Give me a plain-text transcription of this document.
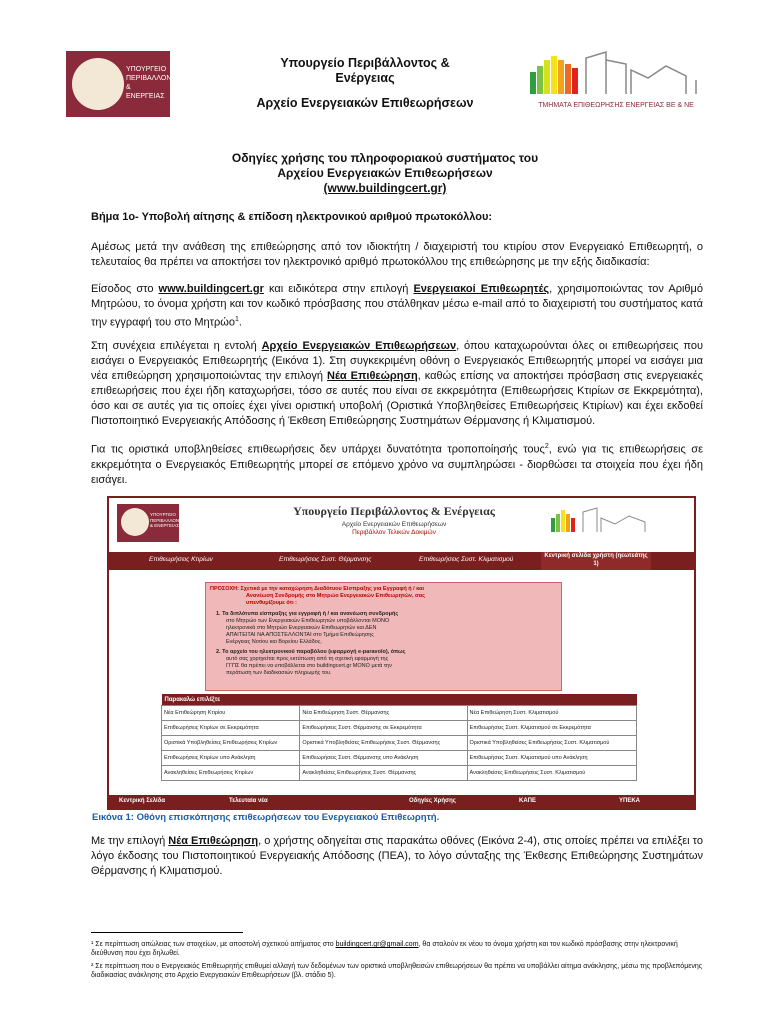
ΥΠΟΥΡΓΕΙΟ ΠΕΡΙΒΑΛΛΟΝΤΟΣ & ΕΝΕΡΓΕΙΑΣ
Υπουργείο Περιβάλλοντος &
Ενέργειας
Αρχείο Ενεργειακών Επιθεωρήσεων	ΤΜΗΜΑΤΑ ΕΠΙΘΕΩΡΗΣΗΣ ΕΝΕΡΓΕΙΑΣ ΒΕ & ΝΕ
Οδηγίες χρήσης του πληροφοριακού συστήματος του
Αρχείου Ενεργειακών Επιθεωρήσεων
(www.buildingcert.gr)
Βήμα 1ο- Υποβολή αίτησης & επίδοση ηλεκτρονικού αριθμού πρωτοκόλλου:
Αμέσως μετά την ανάθεση της επιθεώρησης από τον ιδιοκτήτη / διαχειριστή του κτιρίου στον Ενεργειακό Επιθεωρητή, ο τελευταίος θα πρέπει να αποκτήσει τον ηλεκτρονικό αριθμό πρωτοκόλλου της επιθεώρησης με την εξής διαδικασία:
Είσοδος στο www.buildingcert.gr και ειδικότερα στην επιλογή Ενεργειακοί Επιθεωρητές, χρησιμοποιώντας τον Αριθμό Μητρώου, το όνομα χρήστη και τον κωδικό πρόσβασης που στάλθηκαν μέσω e-mail από το διαχειριστή του συστήματος κατά την εγγραφή του στο Μητρώο$^1$.
Στη συνέχεια επιλέγεται η εντολή Αρχείο Ενεργειακών Επιθεωρήσεων, όπου καταχωρούνται όλες οι επιθεωρήσεις που εισάγει ο Ενεργειακός Επιθεωρητής (Εικόνα 1). Στη συγκεκριμένη οθόνη ο Ενεργειακός Επιθεωρητής μπορεί να εισάγει μια νέα επιθεώρηση χρησιμοποιώντας την επιλογή Νέα Επιθεώρηση, καθώς επίσης να αποκτήσει πρόσβαση στις ενεργειακές επιθεωρήσεις που έχει ήδη καταχωρήσει, τόσο σε αυτές που είναι σε εκκρεμότητα (Επιθεωρήσεις Κτιρίων σε Εκκρεμότητα), όσο και σε αυτές για τις οποίες έχει γίνει οριστική υποβολή (Οριστικά Υποβληθείσες Επιθεωρήσεις Κτιρίων) και έχει εκδοθεί Πιστοποιητικό Ενεργειακής Απόδοσης ή Έκθεση Επιθεώρησης Συστημάτων Θέρμανσης ή Κλιματισμού.
Για τις οριστικά υποβληθείσες επιθεωρήσεις δεν υπάρχει δυνατότητα τροποποίησής τους$^2$, ενώ για τις επιθεωρήσεις σε εκκρεμότητα ο Ενεργειακός Επιθεωρητής μπορεί σε επόμενο χρόνο να συμπληρώσει - διορθώσει τα στοιχεία που έχει ήδη εισάγει.
ΥΠΟΥΡΓΕΙΟ ΠΕΡΙΒΑΛΛΟΝΤΟΣ & ΕΝΕΡΓΕΙΑΣ
Υπουργείο Περιβάλλοντος & Ενέργειας
Αρχείο Ενεργειακών Επιθεωρήσεων
Περιβάλλον Τελικών Δοκιμών
Επιθεωρήσεις Κτιρίων	Επιθεωρήσεις Συστ. Θέρμανσης	Επιθεωρήσεις Συστ. Κλιματισμού	Κεντρική σελίδα χρήστη (ηεωτεάτης 1)
ΠΡΟΣΟΧΗ: Σχετικά με την καταχώρηση Διαδότυου Είσπραξης για Εγγραφή ή / και
Ανανέωση Συνδρομής στο Μητρώο Ενεργειακών Επιθεωρητών, σας
υπενθυμίζουμε ότι :
1. Τα διπλότυπα είσπραξης για εγγραφή ή / και ανανέωση συνδρομής
στο Μητρώο των Ενεργειακών Επιθεωρητών υποβάλλονται ΜΟΝΟ
ηλεκτρονικά στο Μητρώο Ενεργειακών Επιθεωρητών και ΔΕΝ
ΑΠΑΙΤΕΙΤΑΙ ΝΑ ΑΠΟΣΤΕΛΛΟΝΤΑΙ στο Τμήμα Επιθεώρησης
Ενέργειας Νοτίου και Βορείου Ελλάδος.
2. Το αρχείο του ηλεκτρονικού παραβόλου (εφαρμογή e-paravolo), όπως
αυτό σας χορηγείται προς εκτύπωση από τη σχετική εφαρμογή της
ΓΓΠΣ θα πρέπει να υποβάλλεται στο buildingcert.gr ΜΟΝΟ μετά την
περάτωση των διαδικασιών πληρωμής του.
Παρακαλώ επιλέξτε		
Νέα Επιθεώρηση Κτιρίου	Νέα Επιθεώρηση Συστ. Θέρμανσης	Νέα Επιθεώρηση Συστ. Κλιματισμού
Επιθεωρήσεις Κτιρίων σε Εκκρεμότητα	Επιθεωρήσεις Συστ. Θέρμανσης σε Εκκρεμότητα	Επιθεωρήσεις Συστ. Κλιματισμού σε Εκκρεμότητα
Οριστικά Υποβληθείσες Επιθεωρήσεις Κτιρίων	Οριστικά Υποβληθείσες Επιθεωρήσεις Συστ. Θέρμανσης	Οριστικά Υποβληθείσες Επιθεωρήσεις Συστ. Κλιματισμού
Επιθεωρήσεις Κτιρίων υπο Ανάκληση	Επιθεωρήσεις Συστ. Θέρμανσης υπο Ανάκληση	Επιθεωρήσεις Συστ. Κλιματισμού υπο Ανάκληση
Ανακληθείσες Επιθεωρήσεις Κτιρίων	Ανακληθείσες Επιθεωρήσεις Συστ. Θέρμανσης	Ανακληθείσες Επιθεωρήσεις Συστ. Κλιματισμού
Κεντρική Σελίδα	Τελευταία νέα	Οδηγίες Χρήσης	ΚΑΠΕ	ΥΠΕΚΑ
Εικόνα 1: Οθόνη επισκόπησης επιθεωρήσεων του Ενεργειακού Επιθεωρητή.
Με την επιλογή Νέα Επιθεώρηση, ο χρήστης οδηγείται στις παρακάτω οθόνες (Εικόνα 2-4), στις οποίες πρέπει να επιλέξει το λόγο έκδοσης του Πιστοποιητικού Ενεργειακής Απόδοσης (ΠΕΑ), το λόγο σύνταξης της Έκθεσης Επιθεώρησης Συστημάτων Θέρμανσης ή Κλιματισμού.
¹ Σε περίπτωση απώλειας των στοιχείων, με αποστολή σχετικού αιτήματος στο buildingcert.gr@gmail.com, θα σταλούν εκ νέου το όνομα χρήστη και τον κωδικό πρόσβασης στην ηλεκτρονική διεύθυνση που έχει δηλωθεί.
² Σε περίπτωση που ο Ενεργειακός Επιθεωρητής επιθυμεί αλλαγή των δεδομένων των οριστικά υποβληθεισών επιθεωρήσεων θα πρέπει να υποβάλλει αίτημα ανάκλησης, μέσω της προβλεπόμενης διαδικασίας ανάκλησης στο Αρχείο Ενεργειακών Επιθεωρήσεων (βλ. στάδιο 5).
